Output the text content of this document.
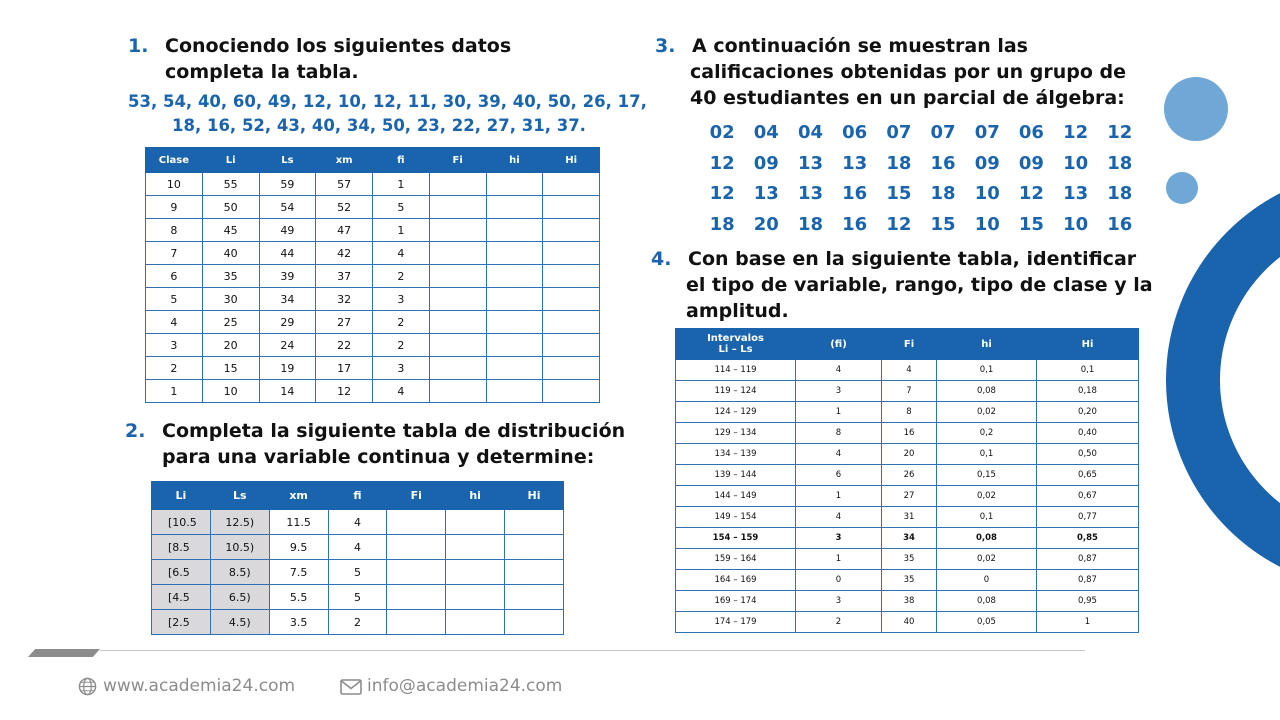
1. Conociendo los siguientes datos
completa la tabla.
53, 54, 40, 60, 49, 12, 10, 12, 11, 30, 39, 40, 50, 26, 17,
18, 16, 52, 43, 40, 34, 50, 23, 22, 27, 31, 37.
Clase	Li	Ls	xm	fi	Fi	hi	Hi
10	55	59	57	1			
9	50	54	52	5			
8	45	49	47	1			
7	40	44	42	4			
6	35	39	37	2			
5	30	34	32	3			
4	25	29	27	2			
3	20	24	22	2			
2	15	19	17	3			
1	10	14	12	4			
2. Completa la siguiente tabla de distribución
para una variable continua y determine:
Li	Ls	xm	fi	Fi	hi	Hi
[10.5	12.5)	11.5	4			
[8.5	10.5)	9.5	4			
[6.5	8.5)	7.5	5			
[4.5	6.5)	5.5	5			
[2.5	4.5)	3.5	2			
3. A continuación se muestran las
calificaciones obtenidas por un grupo de
40 estudiantes en un parcial de álgebra:
02	04	04	06	07	07	07	06	12	12
12	09	13	13	18	16	09	09	10	18
12	13	13	16	15	18	10	12	13	18
18	20	18	16	12	15	10	15	10	16
4. Con base en la siguiente tabla, identificar
el tipo de variable, rango, tipo de clase y la
amplitud.
Intervalos
Li – Ls	(fi)	Fi	hi	Hi
114 – 119	4	4	0,1	0,1
119 – 124	3	7	0,08	0,18
124 – 129	1	8	0,02	0,20
129 – 134	8	16	0,2	0,40
134 – 139	4	20	0,1	0,50
139 – 144	6	26	0,15	0,65
144 – 149	1	27	0,02	0,67
149 – 154	4	31	0,1	0,77
154 – 159	3	34	0,08	0,85
159 – 164	1	35	0,02	0,87
164 – 169	0	35	0	0,87
169 – 174	3	38	0,08	0,95
174 – 179	2	40	0,05	1
www.academia24.com	info@academia24.com
